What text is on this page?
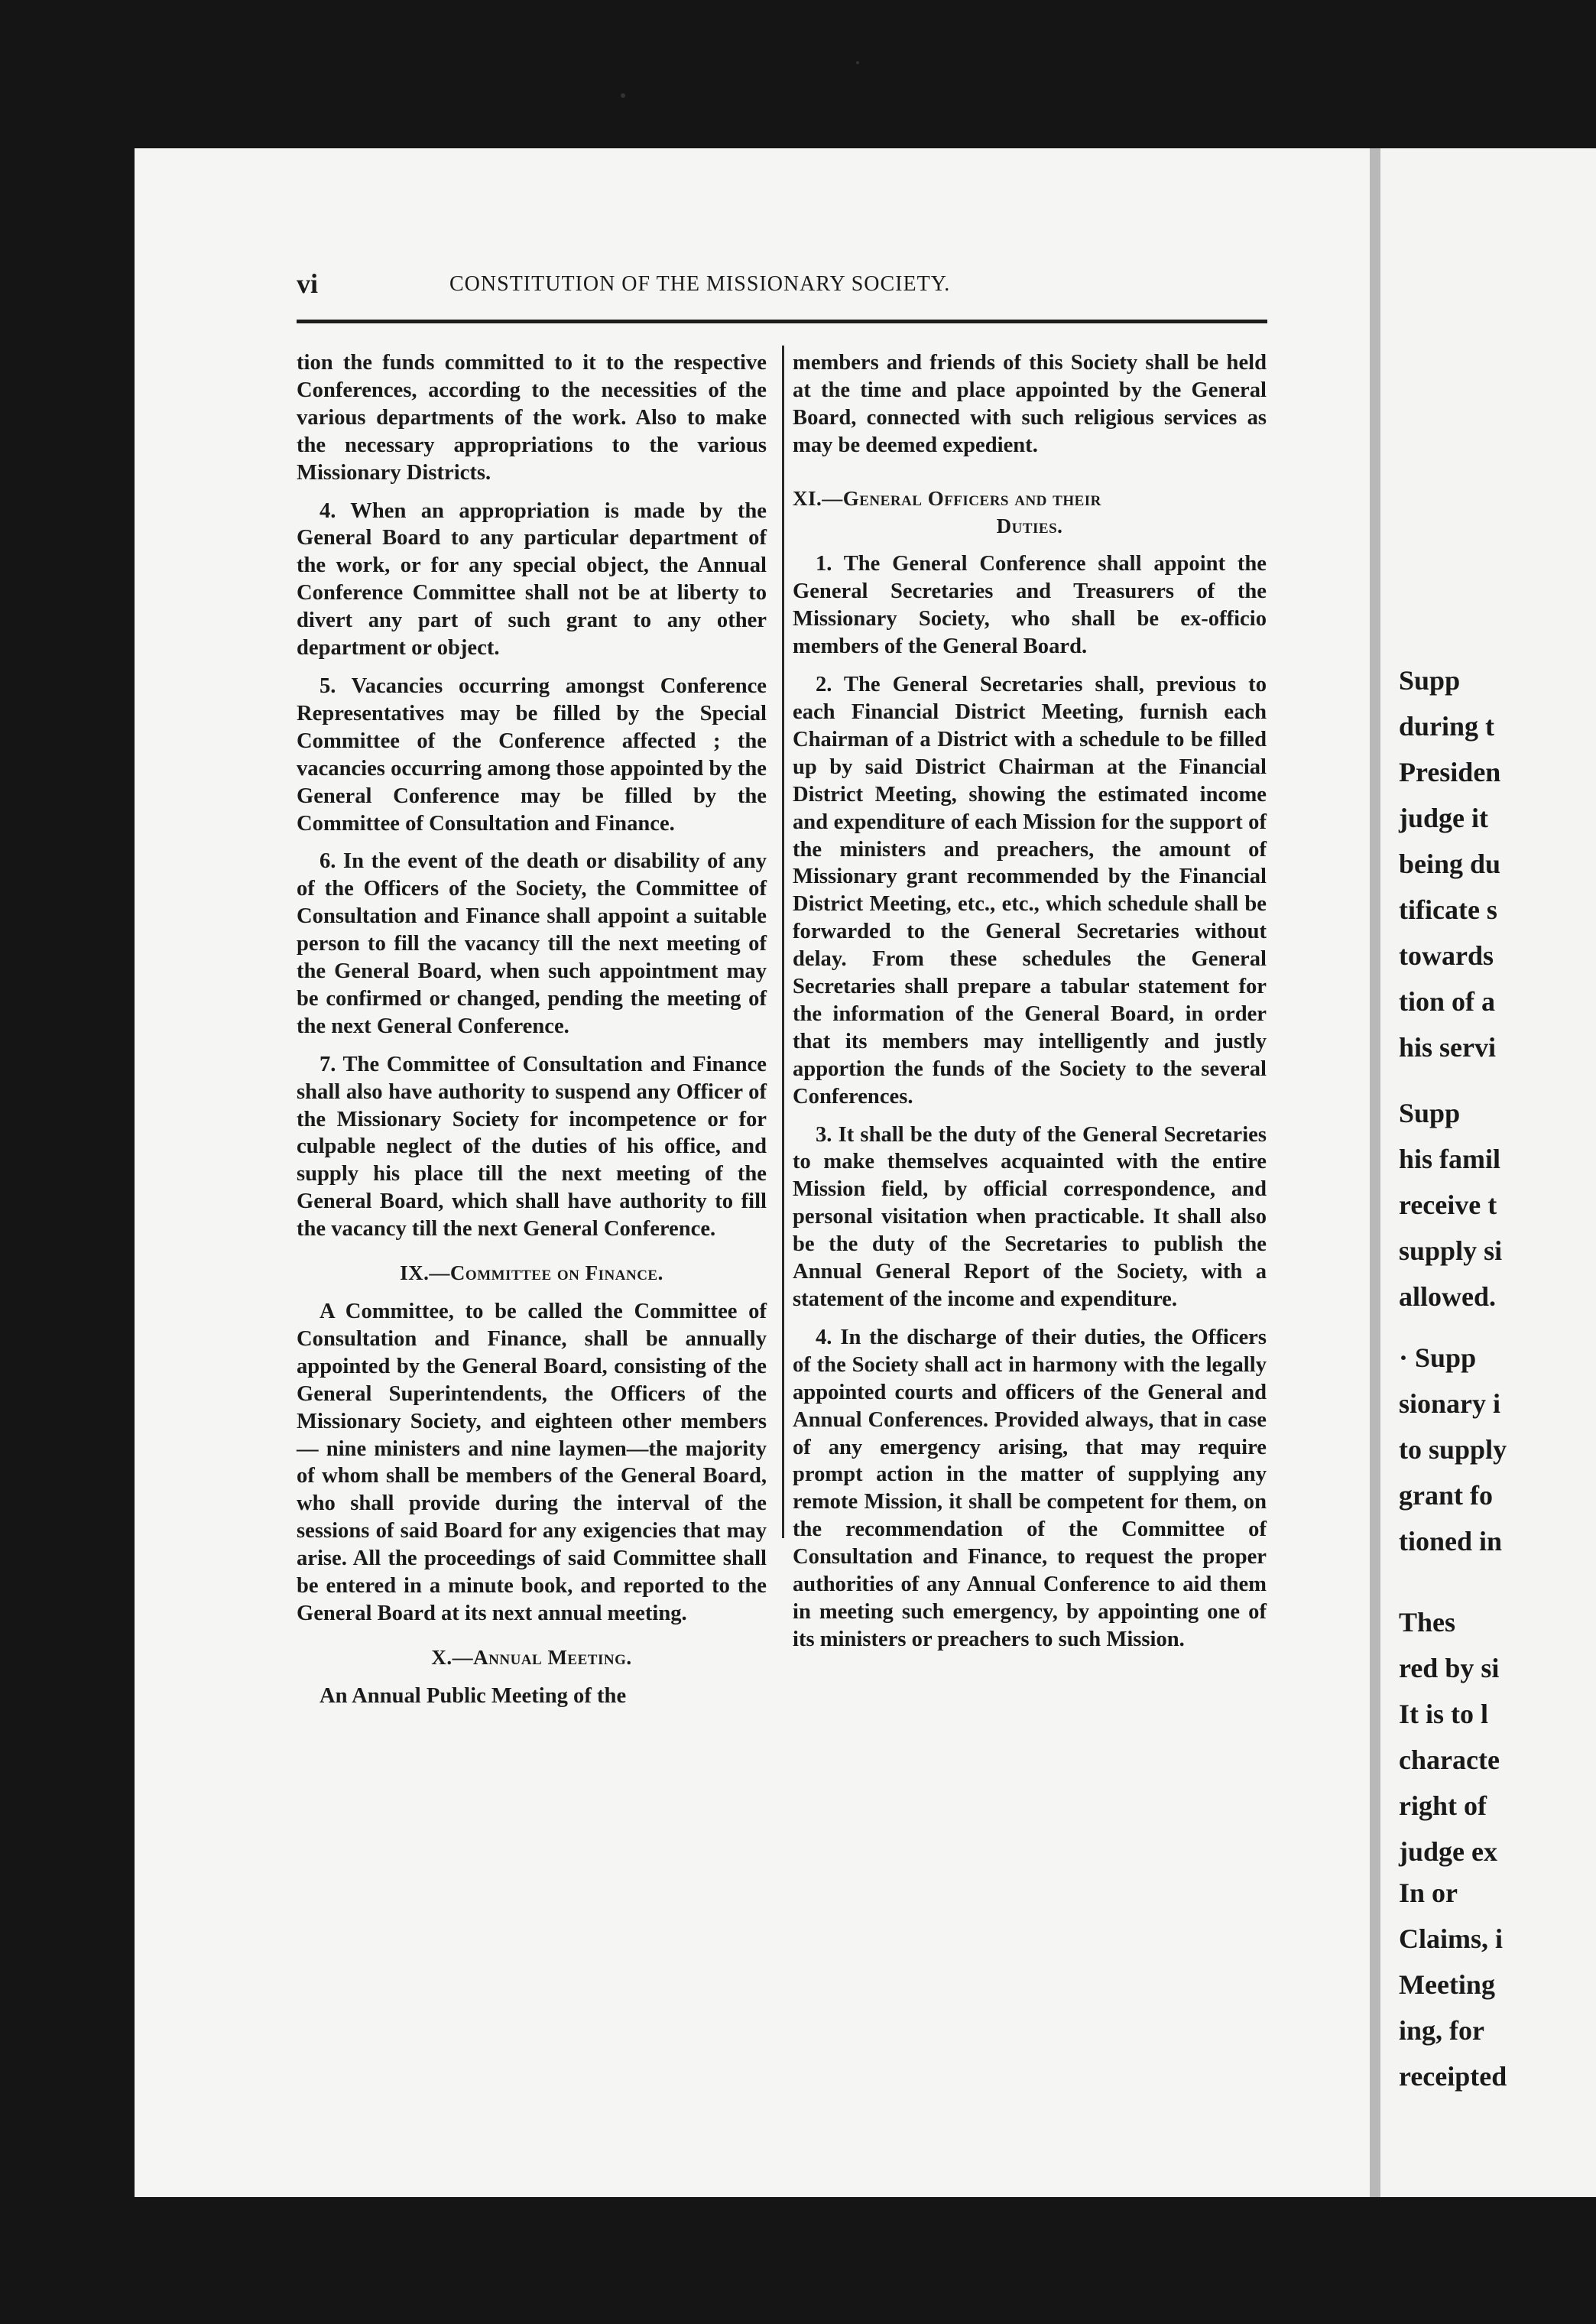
Supp
during t
Presiden
judge it
being du
tificate s
towards
tion of a
his servi
Supp
his famil
receive t
supply si
allowed.
· Supp
sionary i
to supply
grant fo
tioned in
Thes
red by si
It is to l
characte
right of
judge ex
In or
Claims, i
Meeting
ing, for
receipted
vi	CONSTITUTION OF THE MISSIONARY SOCIETY.

tion the funds committed to it to the respective Conferences, according to the necessities of the various departments of the work. Also to make the necessary appropriations to the various Missionary Districts.

4. When an appropriation is made by the General Board to any particular department of the work, or for any special object, the Annual Conference Committee shall not be at liberty to divert any part of such grant to any other department or object.

5. Vacancies occurring amongst Conference Representatives may be filled by the Special Committee of the Conference affected ; the vacancies occurring among those appointed by the General Conference may be filled by the Committee of Consultation and Finance.

6. In the event of the death or disability of any of the Officers of the Society, the Committee of Consultation and Finance shall appoint a suitable person to fill the vacancy till the next meeting of the General Board, when such appointment may be confirmed or changed, pending the meeting of the next General Conference.

7. The Committee of Consultation and Finance shall also have authority to suspend any Officer of the Missionary Society for incompetence or for culpable neglect of the duties of his office, and supply his place till the next meeting of the General Board, which shall have authority to fill the vacancy till the next General Conference.

IX.—Committee on Finance.

A Committee, to be called the Committee of Consultation and Finance, shall be annually appointed by the General Board, consisting of the General Superintendents, the Officers of the Missionary Society, and eighteen other members — nine ministers and nine laymen—the majority of whom shall be members of the General Board, who shall provide during the interval of the sessions of said Board for any exigencies that may arise. All the proceedings of said Committee shall be entered in a minute book, and reported to the General Board at its next annual meeting.

X.—Annual Meeting.

An Annual Public Meeting of the

members and friends of this Society shall be held at the time and place appointed by the General Board, connected with such religious services as may be deemed expedient.

XI.—General Officers and their

Duties.

1. The General Conference shall appoint the General Secretaries and Treasurers of the Missionary Society, who shall be ex-officio members of the General Board.

2. The General Secretaries shall, previous to each Financial District Meeting, furnish each Chairman of a District with a schedule to be filled up by said District Chairman at the Financial District Meeting, showing the estimated income and expenditure of each Mission for the support of the ministers and preachers, the amount of Missionary grant recommended by the Financial District Meeting, etc., etc., which schedule shall be forwarded to the General Secretaries without delay. From these schedules the General Secretaries shall prepare a tabular statement for the information of the General Board, in order that its members may intelligently and justly apportion the funds of the Society to the several Conferences.

3. It shall be the duty of the General Secretaries to make themselves acquainted with the entire Mission field, by official correspondence, and personal visitation when practicable. It shall also be the duty of the Secretaries to publish the Annual General Report of the Society, with a statement of the income and expenditure.

4. In the discharge of their duties, the Officers of the Society shall act in harmony with the legally appointed courts and officers of the General and Annual Conferences. Provided always, that in case of any emergency arising, that may require prompt action in the matter of supplying any remote Mission, it shall be competent for them, on the recommendation of the Committee of Consultation and Finance, to request the proper authorities of any Annual Conference to aid them in meeting such emergency, by appointing one of its ministers or preachers to such Mission.
